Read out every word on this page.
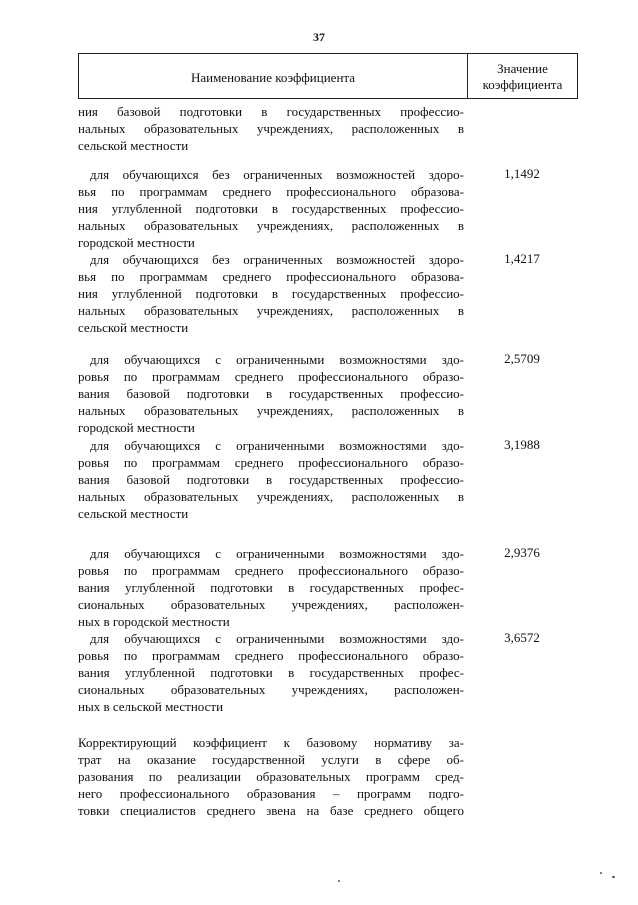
37
Наименование коэффициента
Значение
коэффициента
ния базовой подготовки в государственных профессио-
нальных образовательных учреждениях, расположенных в
сельской местности
для обучающихся без ограниченных возможностей здоро-
вья по программам среднего профессионального образова-
ния углубленной подготовки в государственных профессио-
нальных образовательных учреждениях, расположенных в
городской местности
1,1492
для обучающихся без ограниченных возможностей здоро-
вья по программам среднего профессионального образова-
ния углубленной подготовки в государственных профессио-
нальных образовательных учреждениях, расположенных в
сельской местности
1,4217
для обучающихся с ограниченными возможностями здо-
ровья по программам среднего профессионального образо-
вания базовой подготовки в государственных профессио-
нальных образовательных учреждениях, расположенных в
городской местности
2,5709
для обучающихся с ограниченными возможностями здо-
ровья по программам среднего профессионального образо-
вания базовой подготовки в государственных профессио-
нальных образовательных учреждениях, расположенных в
сельской местности
3,1988
для обучающихся с ограниченными возможностями здо-
ровья по программам среднего профессионального образо-
вания углубленной подготовки в государственных профес-
сиональных образовательных учреждениях, расположен-
ных в городской местности
2,9376
для обучающихся с ограниченными возможностями здо-
ровья по программам среднего профессионального образо-
вания углубленной подготовки в государственных профес-
сиональных образовательных учреждениях, расположен-
ных в сельской местности
3,6572
Корректирующий коэффициент к базовому нормативу за-
трат на оказание государственной услуги в сфере об-
разования по реализации образовательных программ сред-
него профессионального образования – программ подго-
товки специалистов среднего звена на базе среднего общего
